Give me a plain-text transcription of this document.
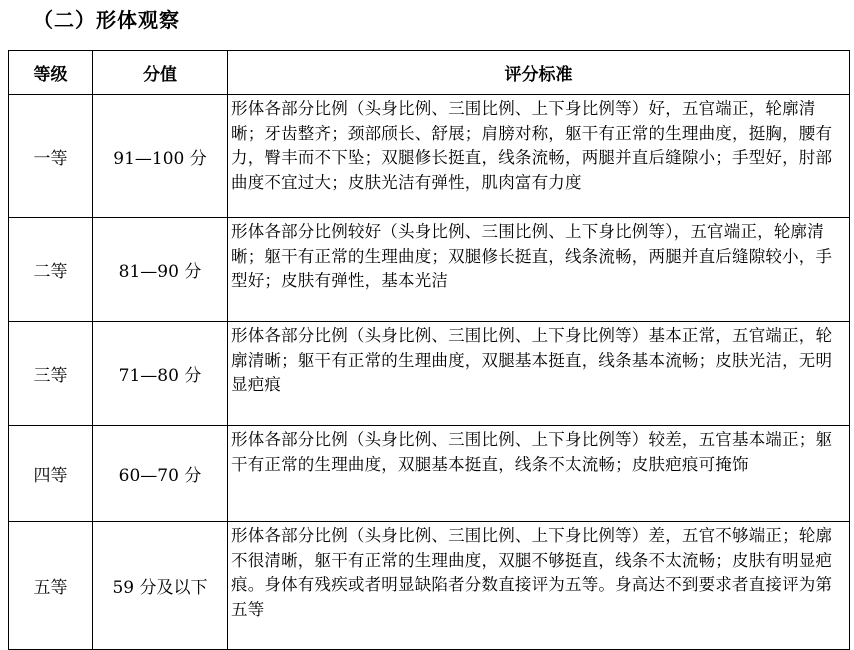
（二）形体观察
等级	分值	评分标准
一等	91—100 分	形体各部分比例（头身比例、三围比例、上下身比例等）好，五官端正，轮廓清晰；牙齿整齐；颈部颀长、舒展；肩膀对称，躯干有正常的生理曲度，挺胸，腰有力，臀丰而不下坠；双腿修长挺直，线条流畅，两腿并直后缝隙小；手型好，肘部曲度不宜过大；皮肤光洁有弹性，肌肉富有力度
二等	81—90 分	形体各部分比例较好（头身比例、三围比例、上下身比例等），五官端正，轮廓清晰；躯干有正常的生理曲度；双腿修长挺直，线条流畅，两腿并直后缝隙较小，手型好；皮肤有弹性，基本光洁
三等	71—80 分	形体各部分比例（头身比例、三围比例、上下身比例等）基本正常，五官端正，轮廓清晰；躯干有正常的生理曲度，双腿基本挺直，线条基本流畅；皮肤光洁，无明显疤痕
四等	60—70 分	形体各部分比例（头身比例、三围比例、上下身比例等）较差，五官基本端正；躯干有正常的生理曲度，双腿基本挺直，线条不太流畅；皮肤疤痕可掩饰
五等	59 分及以下	形体各部分比例（头身比例、三围比例、上下身比例等）差，五官不够端正；轮廓不很清晰，躯干有正常的生理曲度，双腿不够挺直，线条不太流畅；皮肤有明显疤痕。身体有残疾或者明显缺陷者分数直接评为五等。身高达不到要求者直接评为第五等
